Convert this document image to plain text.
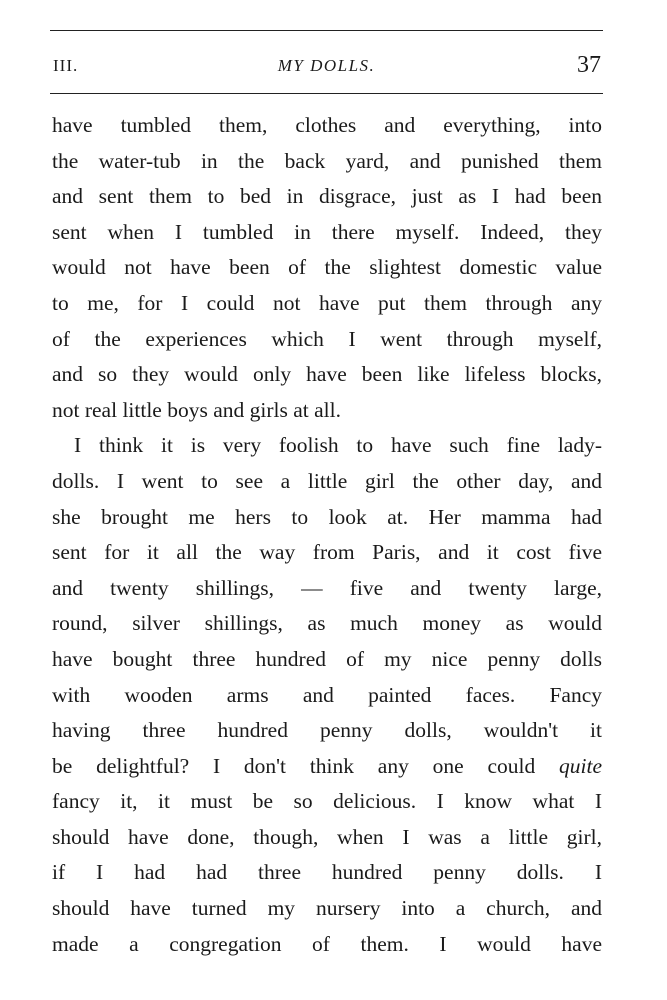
III.	MY DOLLS.	37
have tumbled them, clothes and everything, into
the water-tub in the back yard, and punished them
and sent them to bed in disgrace, just as I had been
sent when I tumbled in there myself. Indeed, they
would not have been of the slightest domestic value
to me, for I could not have put them through any
of the experiences which I went through myself,
and so they would only have been like lifeless blocks,
not real little boys and girls at all.
I think it is very foolish to have such fine lady-
dolls. I went to see a little girl the other day, and
she brought me hers to look at. Her mamma had
sent for it all the way from Paris, and it cost five
and twenty shillings, — five and twenty large,
round, silver shillings, as much money as would
have bought three hundred of my nice penny dolls
with wooden arms and painted faces. Fancy
having three hundred penny dolls, wouldn't it
be delightful? I don't think any one could quite
fancy it, it must be so delicious. I know what I
should have done, though, when I was a little girl,
if I had had three hundred penny dolls. I
should have turned my nursery into a church, and
made a congregation of them. I would have
